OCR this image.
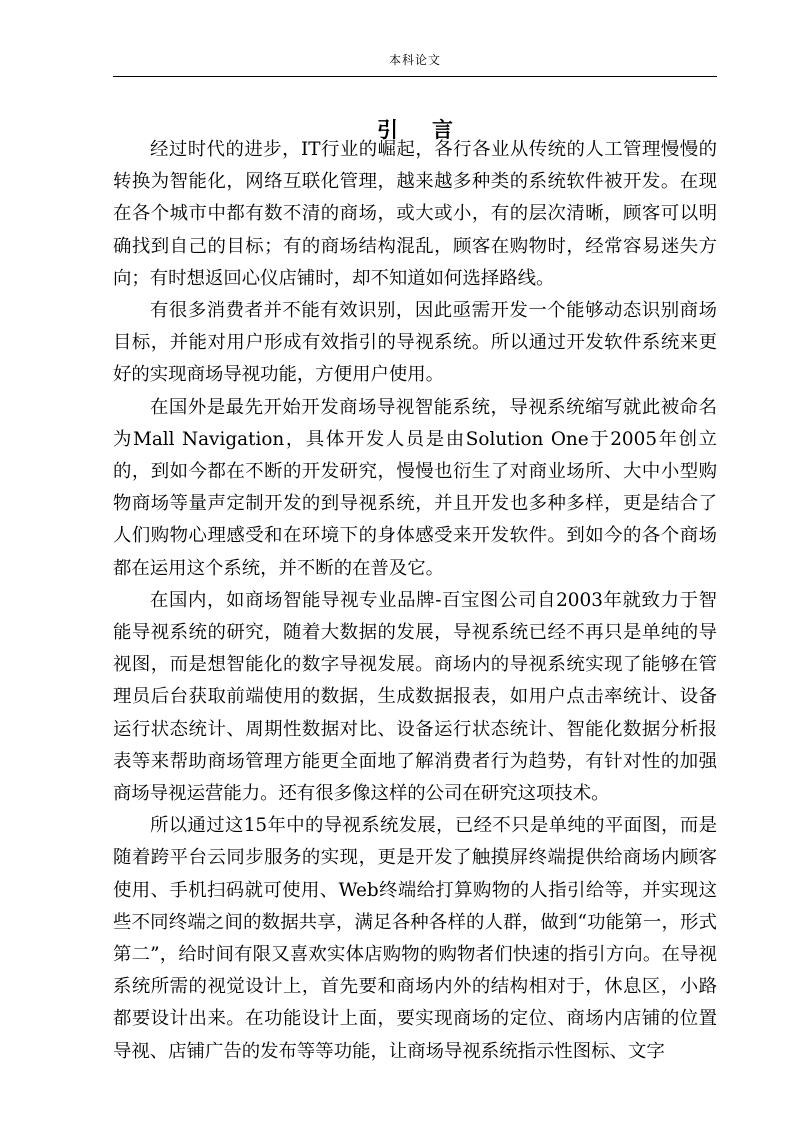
本科论文
引言

经过时代的进步，IT行业的崛起，各行各业从传统的人工管理慢慢的转换为智能化，网络互联化管理，越来越多种类的系统软件被开发。在现在各个城市中都有数不清的商场，或大或小，有的层次清晰，顾客可以明确找到自己的目标；有的商场结构混乱，顾客在购物时，经常容易迷失方向；有时想返回心仪店铺时，却不知道如何选择路线。

有很多消费者并不能有效识别，因此亟需开发一个能够动态识别商场目标，并能对用户形成有效指引的导视系统。所以通过开发软件系统来更好的实现商场导视功能，方便用户使用。

在国外是最先开始开发商场导视智能系统，导视系统缩写就此被命名为Mall Navigation，具体开发人员是由Solution One于2005年创立的，到如今都在不断的开发研究，慢慢也衍生了对商业场所、大中小型购物商场等量声定制开发的到导视系统，并且开发也多种多样，更是结合了人们购物心理感受和在环境下的身体感受来开发软件。到如今的各个商场都在运用这个系统，并不断的在普及它。

在国内，如商场智能导视专业品牌-百宝图公司自2003年就致力于智能导视系统的研究，随着大数据的发展，导视系统已经不再只是单纯的导视图，而是想智能化的数字导视发展。商场内的导视系统实现了能够在管理员后台获取前端使用的数据，生成数据报表，如用户点击率统计、设备运行状态统计、周期性数据对比、设备运行状态统计、智能化数据分析报表等来帮助商场管理方能更全面地了解消费者行为趋势，有针对性的加强商场导视运营能力。还有很多像这样的公司在研究这项技术。

所以通过这15年中的导视系统发展，已经不只是单纯的平面图，而是随着跨平台云同步服务的实现，更是开发了触摸屏终端提供给商场内顾客使用、手机扫码就可使用、Web终端给打算购物的人指引给等，并实现这些不同终端之间的数据共享，满足各种各样的人群，做到“功能第一，形式第二”，给时间有限又喜欢实体店购物的购物者们快速的指引方向。在导视系统所需的视觉设计上，首先要和商场内外的结构相对于，休息区，小路都要设计出来。在功能设计上面，要实现商场的定位、商场内店铺的位置导视、店铺广告的发布等等功能，让商场导视系统指示性图标、文字
